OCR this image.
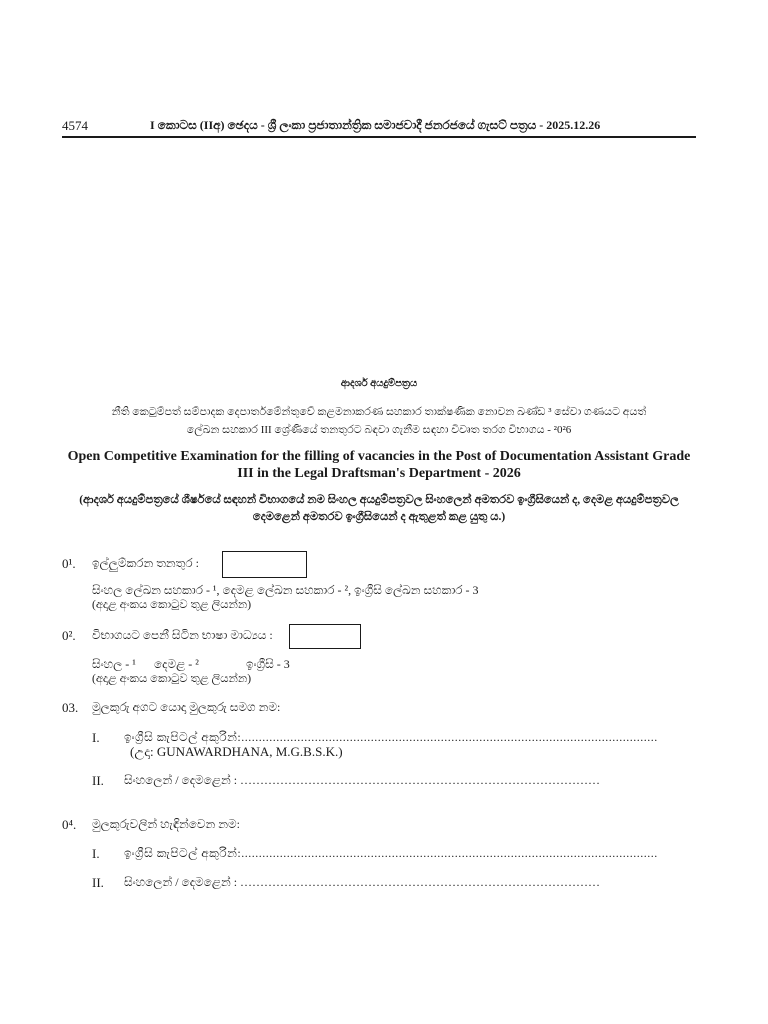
4574	I කොටස (IIඅ) ඡෙදය - ශ්‍රී ලංකා ප්‍රජාතාන්ත්‍රික සමාජවාදී ජනරජයේ ගැසට් පත්‍රය - 2025.12.26
ආදර්ශ අයදුම්පත්‍රය
නීති කෙටුම්පත් සම්පාදක දෙපාර්තමේන්තුවේ කළමනාකරණ සහකාර තාක්ෂණික නොවන ඛණ්ඩ ³ සේවා ගණයට අයත්
ලේඛන සහකාර III ශ්‍රේණියේ තනතුරට බඳවා ගැනීම සඳහා විවෘත තරග විභාගය - ²0²6
Open Competitive Examination for the filling of vacancies in the Post of Documentation Assistant Grade
III in the Legal Draftsman's Department - 2026
(ආදර්ශ අයදුම්පත්‍රයේ ශීර්ෂයේ සඳහන් විභාගයේ නම සිංහල අයදුම්පත්‍රවල සිංහලෙන් අමතරව ඉංග්‍රීසියෙන් ද, දෙමළ අයදුම්පත්‍රවල
දෙමළෙන් අමතරව ඉංග්‍රීසියෙන් ද ඇතුළත් කළ යුතු ය.)
0¹. ඉල්ලුම්කරන තනතුර :
සිංහල ලේඛන සහකාර - ¹, දෙමළ ලේඛන සහකාර - ², ඉංග්‍රීසි ලේඛන සහකාර - 3
(අදාළ අංකය කොටුව තුළ ලියන්න)
0². විභාගයට පෙනී සිටින භාෂා මාධ්‍යය :
සිංහල - ¹ දෙමළ - ²	ඉංග්‍රීසි - 3
(අදාළ අංකය කොටුව තුළ ලියන්න)
03. මුලකුරු අගට යොදා මුලකුරු සමග නම:
I. ඉංග්‍රීසි කැපිටල් අකුරින්:.......................................................................................................................
(උදා: GUNAWARDHANA, M.G.B.S.K.)
II. සිංහලෙන් / දෙමළෙන් : ………………………………………………………………………………
0⁴. මුලකුරුවලින් හැඳින්වෙන නම:
I. ඉංග්‍රීසි කැපිටල් අකුරින්:.......................................................................................................................
II. සිංහලෙන් / දෙමළෙන් : ………………………………………………………………………………
